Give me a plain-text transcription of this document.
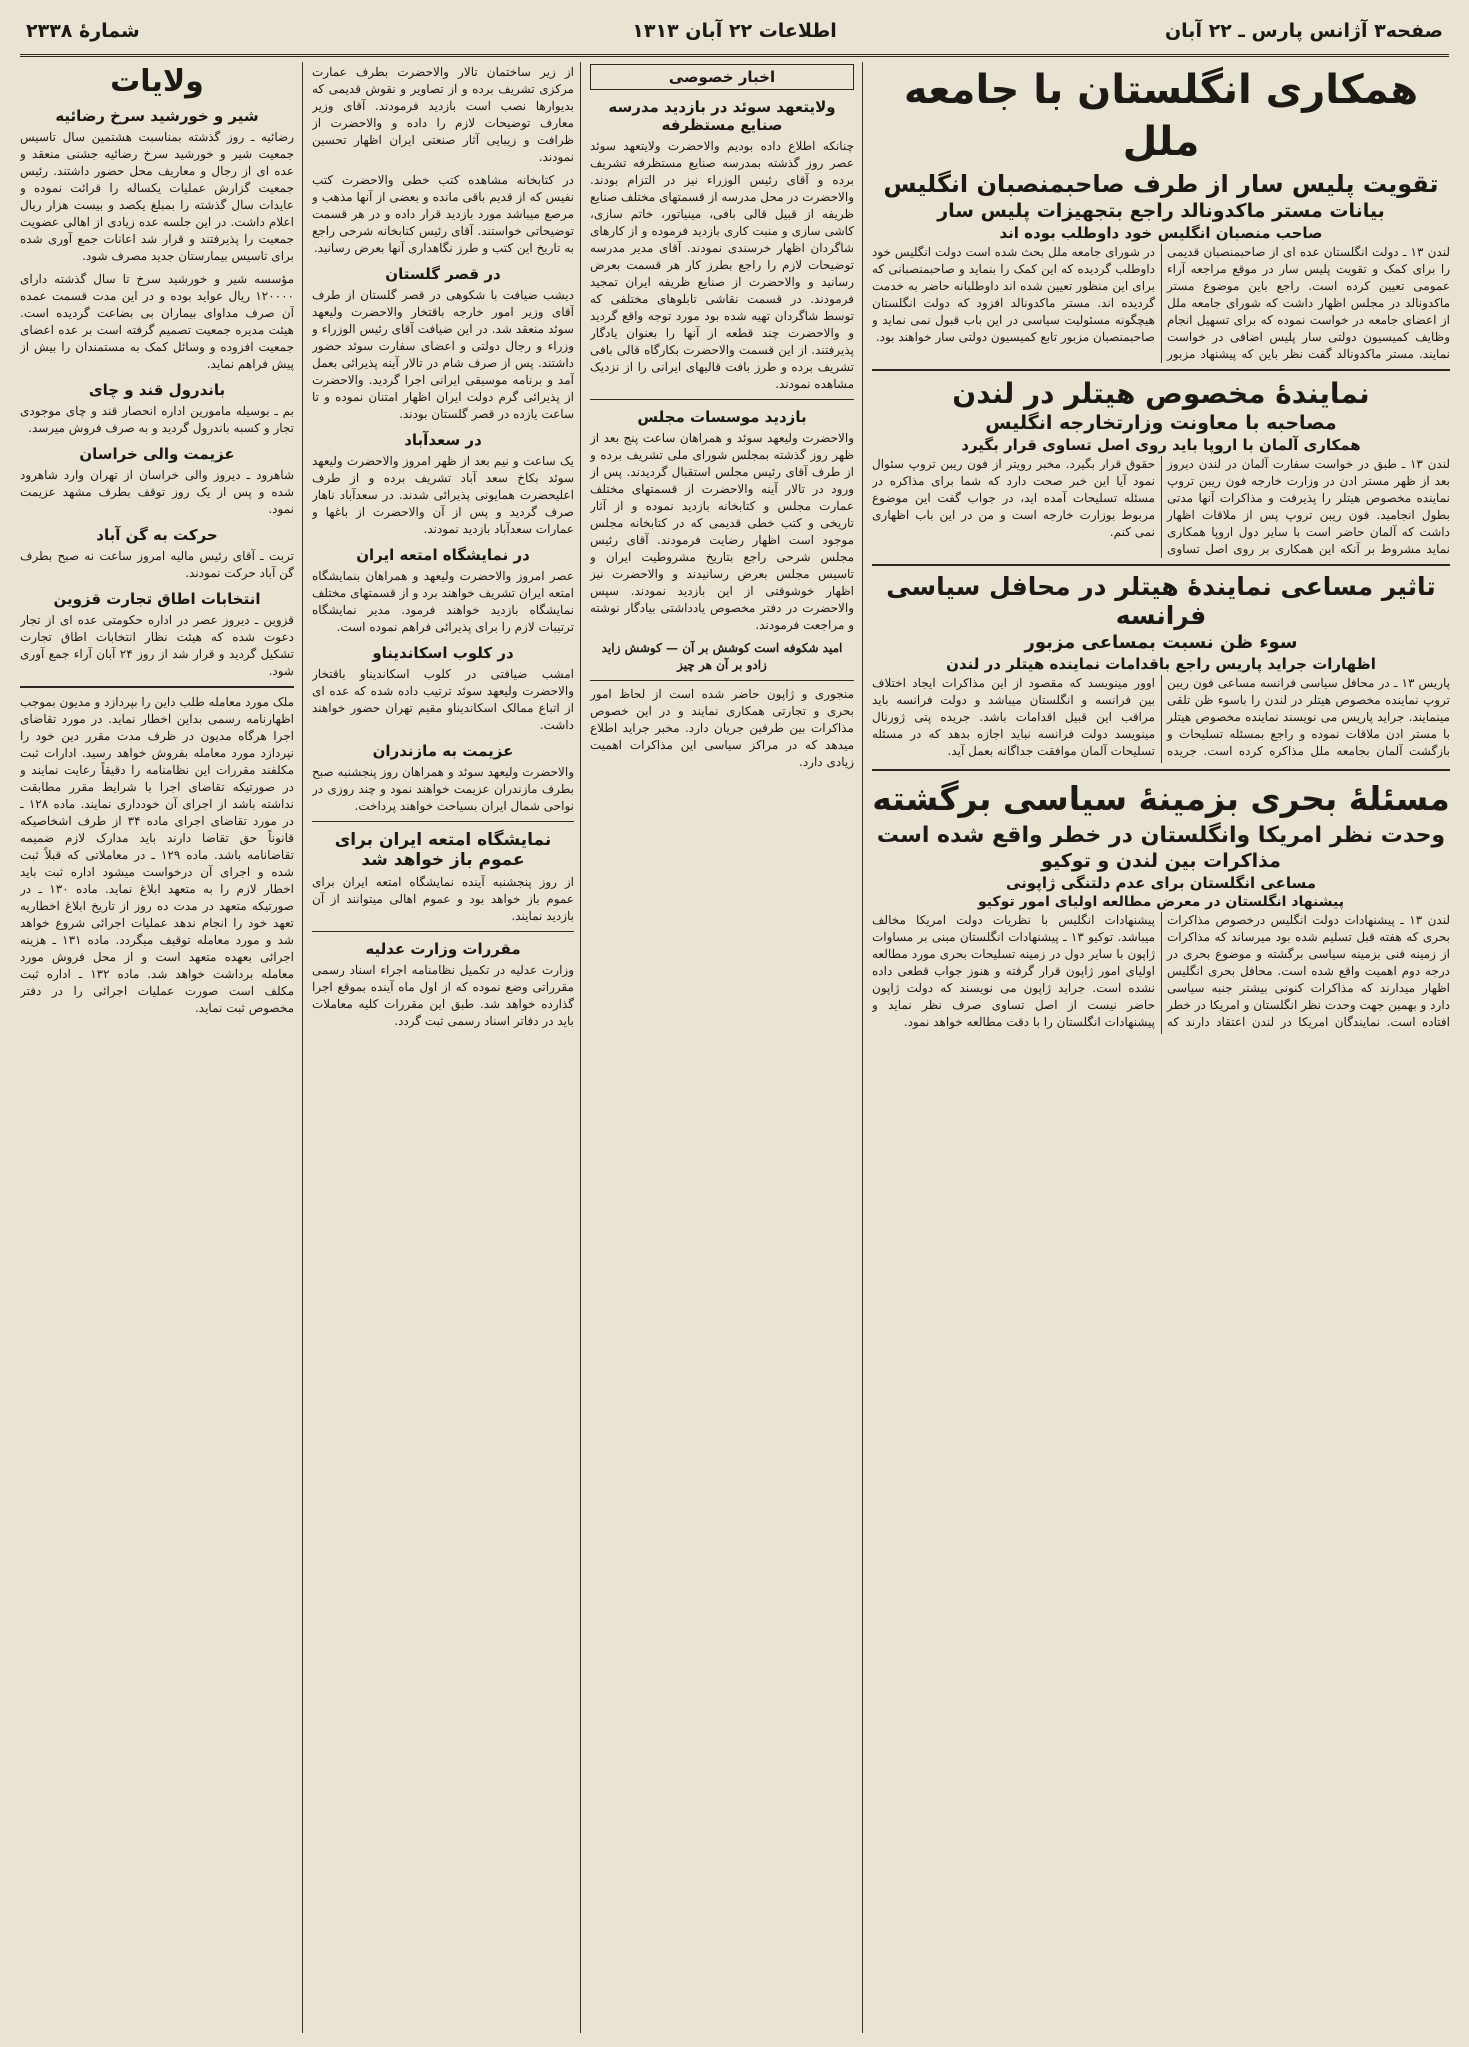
صفحه۳ آژانس پارس ـ ۲۲ آبان
اطلاعات ۲۲ آبان ۱۳۱۳
شمارهٔ ۲۳۳۸
همکاری انگلستان با جامعه ملل
تقویت پلیس سار از طرف صاحبمنصبان انگلیس
بیانات مستر ماکدونالد راجع بتجهیزات پلیس سار
صاحب منصبان انگلیس خود داوطلب بوده اند

لندن ۱۳ ـ دولت انگلستان عده ای از صاحبمنصبان قدیمی را برای کمک و تقویت پلیس سار در موقع مراجعه آراء عمومی تعیین کرده است. راجع باین موضوع مستر ماکدونالد در مجلس اظهار داشت که شورای جامعه ملل از اعضای جامعه در خواست نموده که برای تسهیل انجام وظایف کمیسیون دولتی سار پلیس اضافی در خواست نمایند. مستر ماکدونالد گفت نظر باین که پیشنهاد مزبور در شورای جامعه ملل بحث شده است دولت انگلیس خود داوطلب گردیده که این کمک را بنماید و صاحبمنصبانی که برای این منظور تعیین شده اند داوطلبانه حاضر به خدمت گردیده اند. مستر ماکدونالد افزود که دولت انگلستان هیچگونه مسئولیت سیاسی در این باب قبول نمی نماید و صاحبمنصبان مزبور تابع کمیسیون دولتی سار خواهند بود.

نمایندهٔ مخصوص هیتلر در لندن
مصاحبه با معاونت وزارتخارجه انگلیس
همکاری آلمان با اروپا باید روی اصل تساوی قرار بگیرد

لندن ۱۳ ـ طبق در خواست سفارت آلمان در لندن دیروز بعد از ظهر مستر ادن در وزارت خارجه فون ریبن تروپ نماینده مخصوص هیتلر را پذیرفت و مذاکرات آنها مدتی بطول انجامید. فون ریبن تروپ پس از ملاقات اظهار داشت که آلمان حاضر است با سایر دول اروپا همکاری نماید مشروط بر آنکه این همکاری بر روی اصل تساوی حقوق قرار بگیرد. مخبر رویتر از فون ریبن تروپ سئوال نمود آیا این خبر صحت دارد که شما برای مذاکره در مسئله تسلیحات آمده اید، در جواب گفت این موضوع مربوط بوزارت خارجه است و من در این باب اظهاری نمی کنم.

تاثیر مساعی نمایندهٔ هیتلر در محافل سیاسی فرانسه
سوء ظن نسبت بمساعی مزبور
اظهارات جراید پاریس راجع باقدامات نماینده هیتلر در لندن

پاریس ۱۳ ـ در محافل سیاسی فرانسه مساعی فون ریبن تروپ نماینده مخصوص هیتلر در لندن را باسوء ظن تلقی مینمایند. جراید پاریس می نویسند نماینده مخصوص هیتلر با مستر ادن ملاقات نموده و راجع بمسئله تسلیحات و بازگشت آلمان بجامعه ملل مذاکره کرده است. جریده اوور مینویسد که مقصود از این مذاکرات ایجاد اختلاف بین فرانسه و انگلستان میباشد و دولت فرانسه باید مراقب این قبیل اقدامات باشد. جریده پتی ژورنال مینویسد دولت فرانسه نباید اجازه بدهد که در مسئله تسلیحات آلمان موافقت جداگانه بعمل آید.

مسئلهٔ بحری بزمینهٔ سیاسی برگشته
وحدت نظر امریکا وانگلستان در خطر واقع شده است
مذاکرات بین لندن و توکیو
مساعی انگلستان برای عدم دلتنگی ژاپونی
پیشنهاد انگلستان در معرض مطالعه اولیای امور توکیو

لندن ۱۳ ـ پیشنهادات دولت انگلیس درخصوص مذاکرات بحری که هفته قبل تسلیم شده بود میرساند که مذاکرات از زمینه فنی بزمینه سیاسی برگشته و موضوع بحری در درجه دوم اهمیت واقع شده است. محافل بحری انگلیس اظهار میدارند که مذاکرات کنونی بیشتر جنبه سیاسی دارد و بهمین جهت وحدت نظر انگلستان و امریکا در خطر افتاده است. نمایندگان امریکا در لندن اعتقاد دارند که پیشنهادات انگلیس با نظریات دولت امریکا مخالف میباشد. توکیو ۱۳ ـ پیشنهادات انگلستان مبنی بر مساوات ژاپون با سایر دول در زمینه تسلیحات بحری مورد مطالعه اولیای امور ژاپون قرار گرفته و هنوز جواب قطعی داده نشده است. جراید ژاپون می نویسند که دولت ژاپون حاضر نیست از اصل تساوی صرف نظر نماید و پیشنهادات انگلستان را با دقت مطالعه خواهد نمود.

اخبار خصوصی
ولایتعهد سوئد در بازدید مدرسه صنایع مستظرفه

چنانکه اطلاع داده بودیم والاحضرت ولایتعهد سوئد عصر روز گذشته بمدرسه صنایع مستظرفه تشریف برده و آقای رئیس الوزراء نیز در التزام بودند. والاحضرت در محل مدرسه از قسمتهای مختلف صنایع ظریفه از قبیل قالی بافی، مینیاتور، خاتم سازی، کاشی سازی و منبت کاری بازدید فرموده و از کارهای شاگردان اظهار خرسندی نمودند. آقای مدیر مدرسه توضیحات لازم را راجع بطرز کار هر قسمت بعرض رسانید و والاحضرت از صنایع ظریفه ایران تمجید فرمودند. در قسمت نقاشی تابلوهای مختلفی که توسط شاگردان تهیه شده بود مورد توجه واقع گردید و والاحضرت چند قطعه از آنها را بعنوان یادگار پذیرفتند. از این قسمت والاحضرت بکارگاه قالی بافی تشریف برده و طرز بافت قالیهای ایرانی را از نزدیک مشاهده نمودند.

بازدید موسسات مجلس

والاحضرت ولیعهد سوئد و همراهان ساعت پنج بعد از ظهر روز گذشته بمجلس شورای ملی تشریف برده و از طرف آقای رئیس مجلس استقبال گردیدند. پس از ورود در تالار آینه والاحضرت از قسمتهای مختلف عمارت مجلس و کتابخانه بازدید نموده و از آثار تاریخی و کتب خطی قدیمی که در کتابخانه مجلس موجود است اظهار رضایت فرمودند. آقای رئیس مجلس شرحی راجع بتاریخ مشروطیت ایران و تاسیس مجلس بعرض رسانیدند و والاحضرت نیز اظهار خوشوقتی از این بازدید نمودند. سپس والاحضرت در دفتر مخصوص یادداشتی بیادگار نوشته و مراجعت فرمودند.

امید شکوفه است کوشش بر آن — کوشش زاید زادو بر آن هر چیز

منجوری و ژاپون حاضر شده است از لحاظ امور بحری و تجارتی همکاری نمایند و در این خصوص مذاکرات بین طرفین جریان دارد. مخبر جراید اطلاع میدهد که در مراکز سیاسی این مذاکرات اهمیت زیادی دارد.

از زیر ساختمان تالار والاحضرت بطرف عمارت مرکزی تشریف برده و از تصاویر و نقوش قدیمی که بدیوارها نصب است بازدید فرمودند. آقای وزیر معارف توضیحات لازم را داده و والاحضرت از ظرافت و زیبایی آثار صنعتی ایران اظهار تحسین نمودند.

در کتابخانه مشاهده کتب خطی والاحضرت کتب نفیس که از قدیم باقی مانده و بعضی از آنها مذهب و مرصع میباشد مورد بازدید قرار داده و در هر قسمت توضیحاتی خواستند. آقای رئیس کتابخانه شرحی راجع به تاریخ این کتب و طرز نگاهداری آنها بعرض رسانید.

در قصر گلستان

دیشب ضیافت با شکوهی در قصر گلستان از طرف آقای وزیر امور خارجه باقتخار والاحضرت ولیعهد سوئد منعقد شد. در این ضیافت آقای رئیس الوزراء و وزراء و رجال دولتی و اعضای سفارت سوئد حضور داشتند. پس از صرف شام در تالار آینه پذیرائی بعمل آمد و برنامه موسیقی ایرانی اجرا گردید. والاحضرت از پذیرائی گرم دولت ایران اظهار امتنان نموده و تا ساعت یازده در قصر گلستان بودند.

در سعدآباد

یک ساعت و نیم بعد از ظهر امروز والاحضرت ولیعهد سوئد بکاخ سعد آباد تشریف برده و از طرف اعلیحضرت همایونی پذیرائی شدند. در سعدآباد ناهار صرف گردید و پس از آن والاحضرت از باغها و عمارات سعدآباد بازدید نمودند.

در نمایشگاه امتعه ایران

عصر امروز والاحضرت ولیعهد و همراهان بنمایشگاه امتعه ایران تشریف خواهند برد و از قسمتهای مختلف نمایشگاه بازدید خواهند فرمود. مدیر نمایشگاه ترتیبات لازم را برای پذیرائی فراهم نموده است.

در کلوب اسکاندیناو

امشب ضیافتی در کلوب اسکاندیناو باقتخار والاحضرت ولیعهد سوئد ترتیب داده شده که عده ای از اتباع ممالک اسکاندیناو مقیم تهران حضور خواهند داشت.

عزیمت به مازندران

والاحضرت ولیعهد سوئد و همراهان روز پنجشنبه صبح بطرف مازندران عزیمت خواهند نمود و چند روزی در نواحی شمال ایران بسیاحت خواهند پرداخت.

نمایشگاه امتعه ایران برای عموم باز خواهد شد

از روز پنجشنبه آینده نمایشگاه امتعه ایران برای عموم باز خواهد بود و عموم اهالی میتوانند از آن بازدید نمایند.

مقررات وزارت عدلیه

وزارت عدلیه در تکمیل نظامنامه اجراء اسناد رسمی مقرراتی وضع نموده که از اول ماه آینده بموقع اجرا گذارده خواهد شد. طبق این مقررات کلیه معاملات باید در دفاتر اسناد رسمی ثبت گردد.

ولایات
شیر و خورشید سرخ رضائیه

رضائیه ـ روز گذشته بمناسبت هشتمین سال تاسیس جمعیت شیر و خورشید سرخ رضائیه جشنی منعقد و عده ای از رجال و معاریف محل حضور داشتند. رئیس جمعیت گزارش عملیات یکساله را قرائت نموده و عایدات سال گذشته را بمبلغ یکصد و بیست هزار ریال اعلام داشت. در این جلسه عده زیادی از اهالی عضویت جمعیت را پذیرفتند و قرار شد اعانات جمع آوری شده برای تاسیس بیمارستان جدید مصرف شود.

مؤسسه شیر و خورشید سرخ تا سال گذشته دارای ۱۲۰۰۰۰ ریال عواید بوده و در این مدت قسمت عمده آن صرف مداوای بیماران بی بضاعت گردیده است. هیئت مدیره جمعیت تصمیم گرفته است بر عده اعضای جمعیت افزوده و وسائل کمک به مستمندان را بیش از پیش فراهم نماید.

باندرول قند و چای

بم ـ بوسیله مامورین اداره انحصار قند و چای موجودی تجار و کسبه باندرول گردید و به صرف فروش میرسد.

عزیمت والی خراسان

شاهرود ـ دیروز والی خراسان از تهران وارد شاهرود شده و پس از یک روز توقف بطرف مشهد عزیمت نمود.

حرکت به گن آباد

تربت ـ آقای رئیس مالیه امروز ساعت نه صبح بطرف گن آباد حرکت نمودند.

انتخابات اطاق تجارت قزوین

قزوین ـ دیروز عصر در اداره حکومتی عده ای از تجار دعوت شده که هیئت نظار انتخابات اطاق تجارت تشکیل گردید و قرار شد از روز ۲۴ آبان آراء جمع آوری شود.

ملک مورد معامله طلب داین را بپردازد و مدیون بموجب اظهارنامه رسمی بداین اخطار نماید. در مورد تقاضای اجرا هرگاه مدیون در ظرف مدت مقرر دین خود را نپردازد مورد معامله بفروش خواهد رسید. ادارات ثبت مکلفند مقررات این نظامنامه را دقیقاً رعایت نمایند و در صورتیکه تقاضای اجرا با شرایط مقرر مطابقت نداشته باشد از اجرای آن خودداری نمایند. ماده ۱۲۸ ـ در مورد تقاضای اجرای ماده ۳۴ از طرف اشخاصیکه قانوناً حق تقاضا دارند باید مدارک لازم ضمیمه تقاضانامه باشد. ماده ۱۲۹ ـ در معاملاتی که قبلاً ثبت شده و اجرای آن درخواست میشود اداره ثبت باید اخطار لازم را به متعهد ابلاغ نماید. ماده ۱۳۰ ـ در صورتیکه متعهد در مدت ده روز از تاریخ ابلاغ اخطاریه تعهد خود را انجام ندهد عملیات اجرائی شروع خواهد شد و مورد معامله توقیف میگردد. ماده ۱۳۱ ـ هزینه اجرائی بعهده متعهد است و از محل فروش مورد معامله برداشت خواهد شد. ماده ۱۳۲ ـ اداره ثبت مکلف است صورت عملیات اجرائی را در دفتر مخصوص ثبت نماید.
